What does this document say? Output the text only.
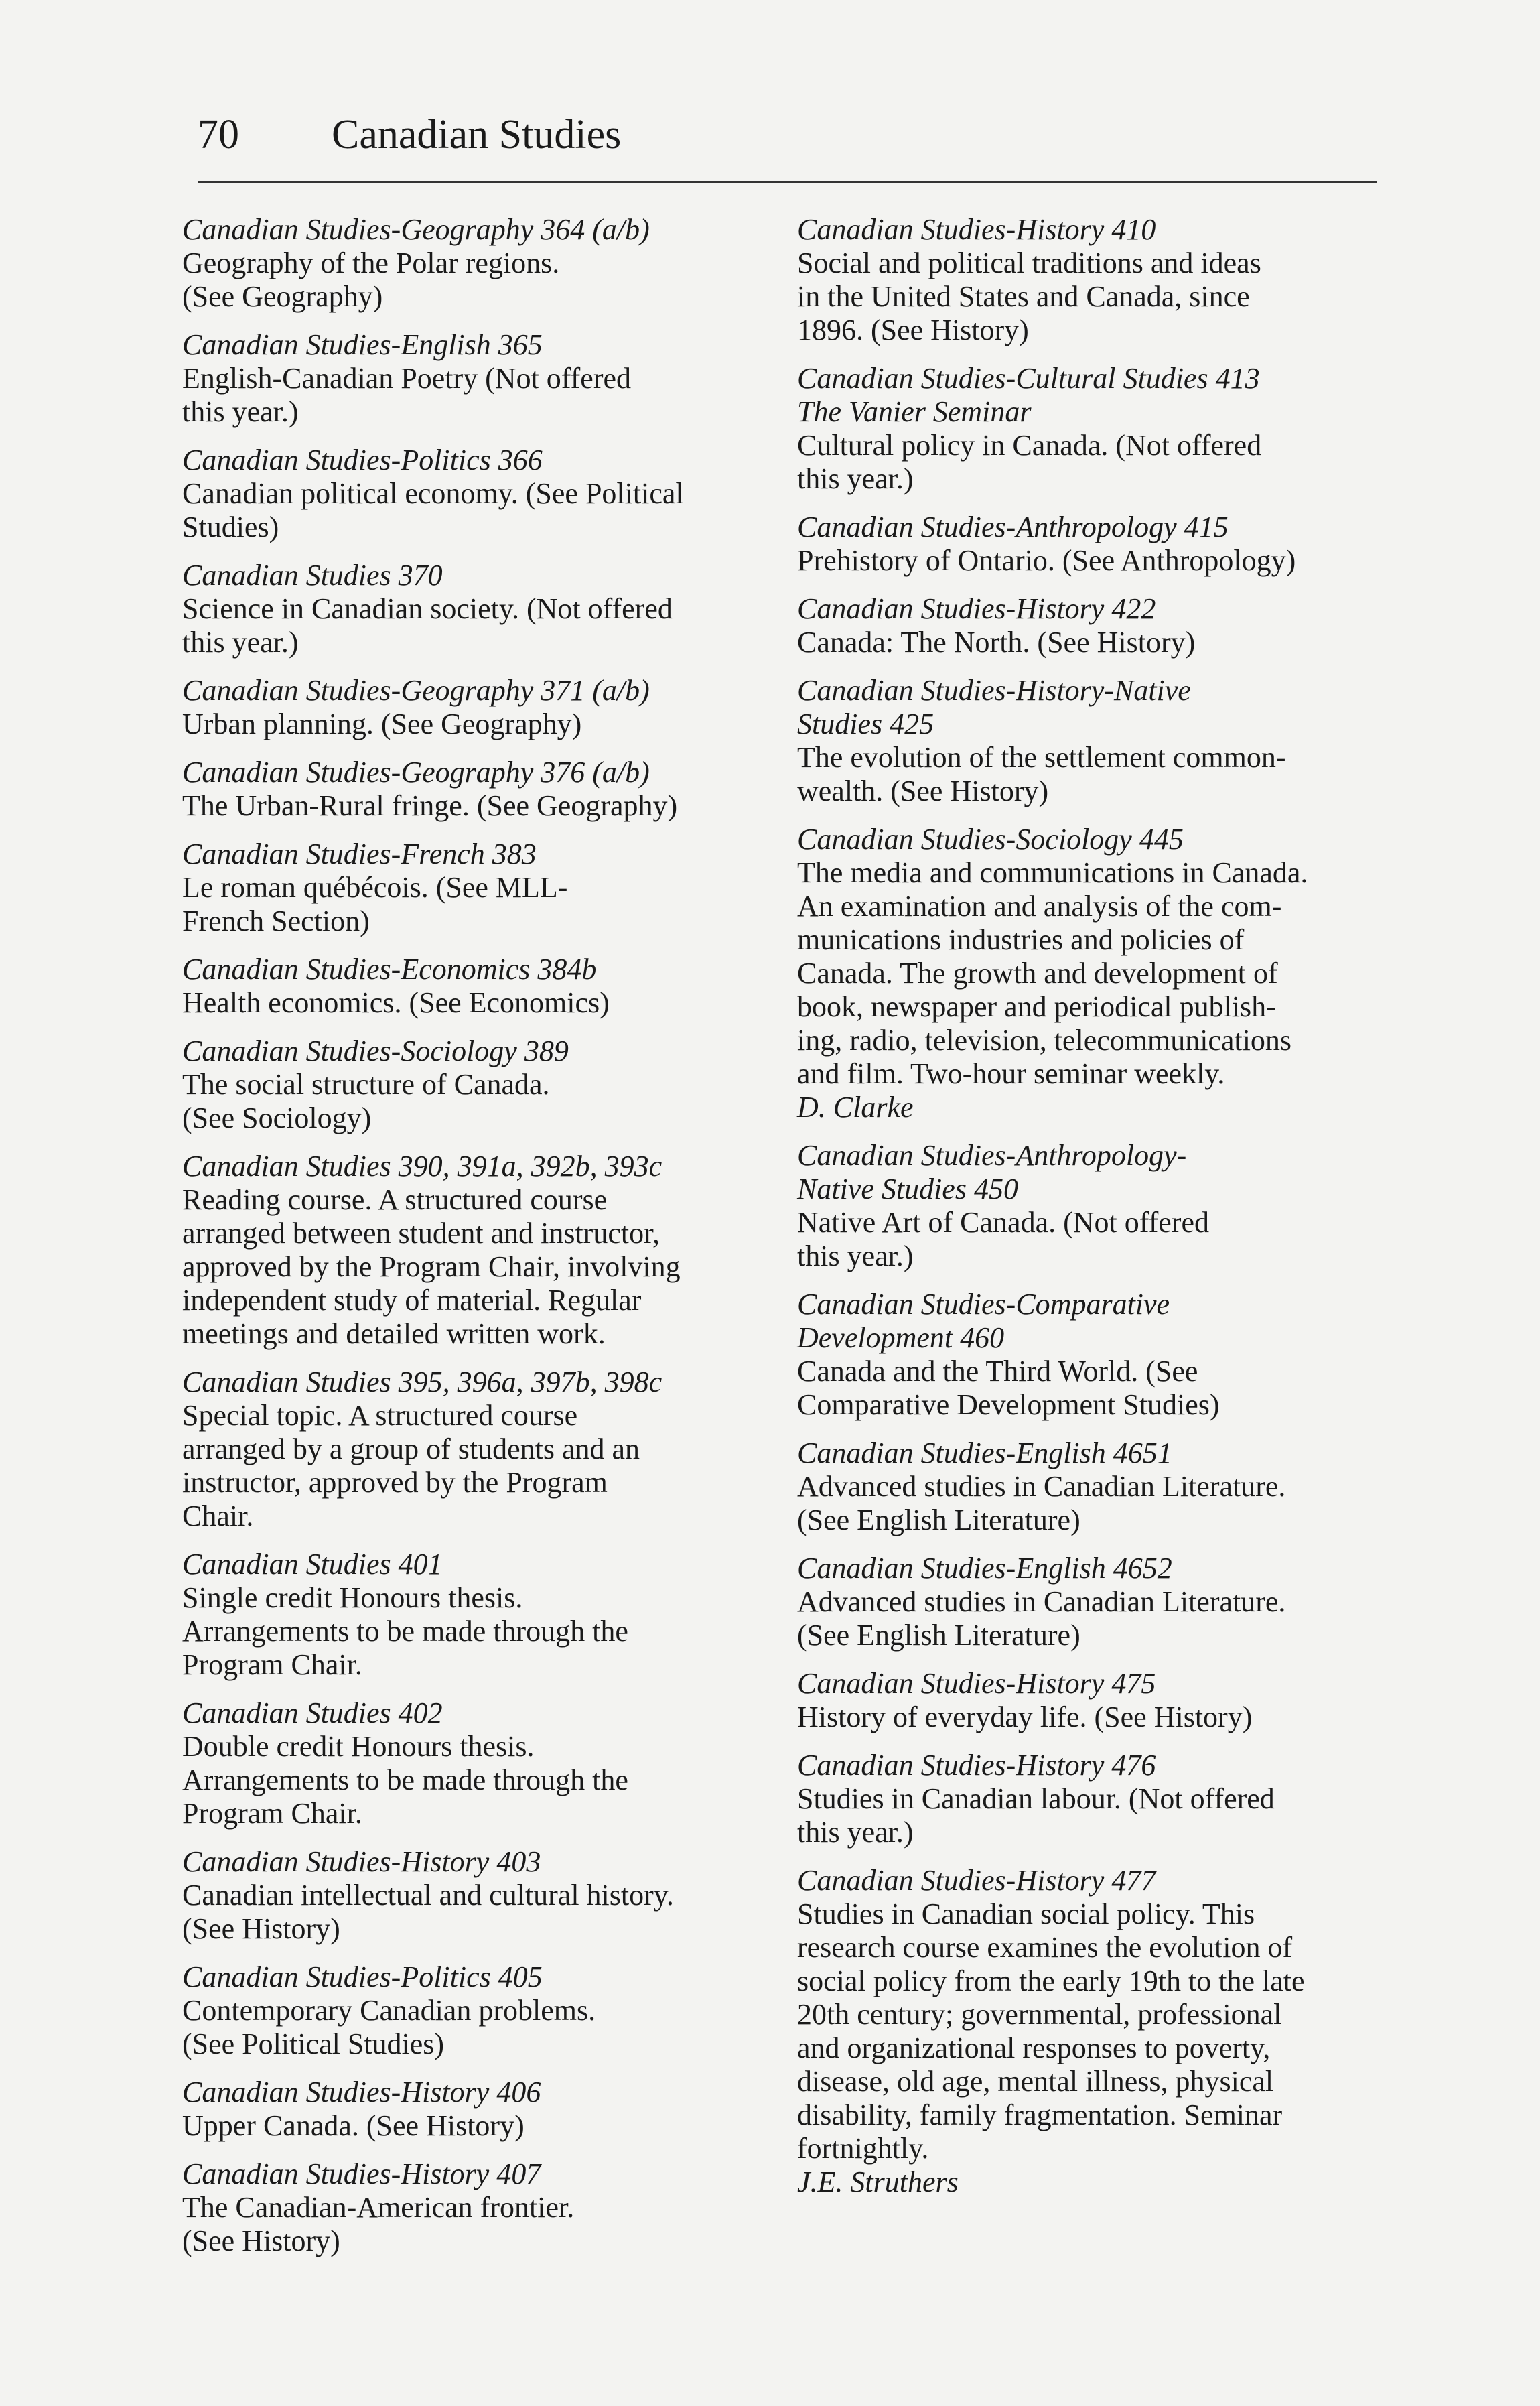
70 Canadian Studies
Canadian Studies-Geography 364 (a/b)
Geography of the Polar regions.
(See Geography)
Canadian Studies-English 365
English-Canadian Poetry (Not offered
this year.)
Canadian Studies-Politics 366
Canadian political economy. (See Political
Studies)
Canadian Studies 370
Science in Canadian society. (Not offered
this year.)
Canadian Studies-Geography 371 (a/b)
Urban planning. (See Geography)
Canadian Studies-Geography 376 (a/b)
The Urban-Rural fringe. (See Geography)
Canadian Studies-French 383
Le roman québécois. (See MLL-
French Section)
Canadian Studies-Economics 384b
Health economics. (See Economics)
Canadian Studies-Sociology 389
The social structure of Canada.
(See Sociology)
Canadian Studies 390, 391a, 392b, 393c
Reading course. A structured course
arranged between student and instructor,
approved by the Program Chair, involving
independent study of material. Regular
meetings and detailed written work.
Canadian Studies 395, 396a, 397b, 398c
Special topic. A structured course
arranged by a group of students and an
instructor, approved by the Program
Chair.
Canadian Studies 401
Single credit Honours thesis.
Arrangements to be made through the
Program Chair.
Canadian Studies 402
Double credit Honours thesis.
Arrangements to be made through the
Program Chair.
Canadian Studies-History 403
Canadian intellectual and cultural history.
(See History)
Canadian Studies-Politics 405
Contemporary Canadian problems.
(See Political Studies)
Canadian Studies-History 406
Upper Canada. (See History)
Canadian Studies-History 407
The Canadian-American frontier.
(See History)
Canadian Studies-History 410
Social and political traditions and ideas
in the United States and Canada, since
1896. (See History)
Canadian Studies-Cultural Studies 413
The Vanier Seminar
Cultural policy in Canada. (Not offered
this year.)
Canadian Studies-Anthropology 415
Prehistory of Ontario. (See Anthropology)
Canadian Studies-History 422
Canada: The North. (See History)
Canadian Studies-History-Native
Studies 425
The evolution of the settlement common-
wealth. (See History)
Canadian Studies-Sociology 445
The media and communications in Canada.
An examination and analysis of the com-
munications industries and policies of
Canada. The growth and development of
book, newspaper and periodical publish-
ing, radio, television, telecommunications
and film. Two-hour seminar weekly.
D. Clarke
Canadian Studies-Anthropology-
Native Studies 450
Native Art of Canada. (Not offered
this year.)
Canadian Studies-Comparative
Development 460
Canada and the Third World. (See
Comparative Development Studies)
Canadian Studies-English 4651
Advanced studies in Canadian Literature.
(See English Literature)
Canadian Studies-English 4652
Advanced studies in Canadian Literature.
(See English Literature)
Canadian Studies-History 475
History of everyday life. (See History)
Canadian Studies-History 476
Studies in Canadian labour. (Not offered
this year.)
Canadian Studies-History 477
Studies in Canadian social policy. This
research course examines the evolution of
social policy from the early 19th to the late
20th century; governmental, professional
and organizational responses to poverty,
disease, old age, mental illness, physical
disability, family fragmentation. Seminar
fortnightly.
J.E. Struthers
